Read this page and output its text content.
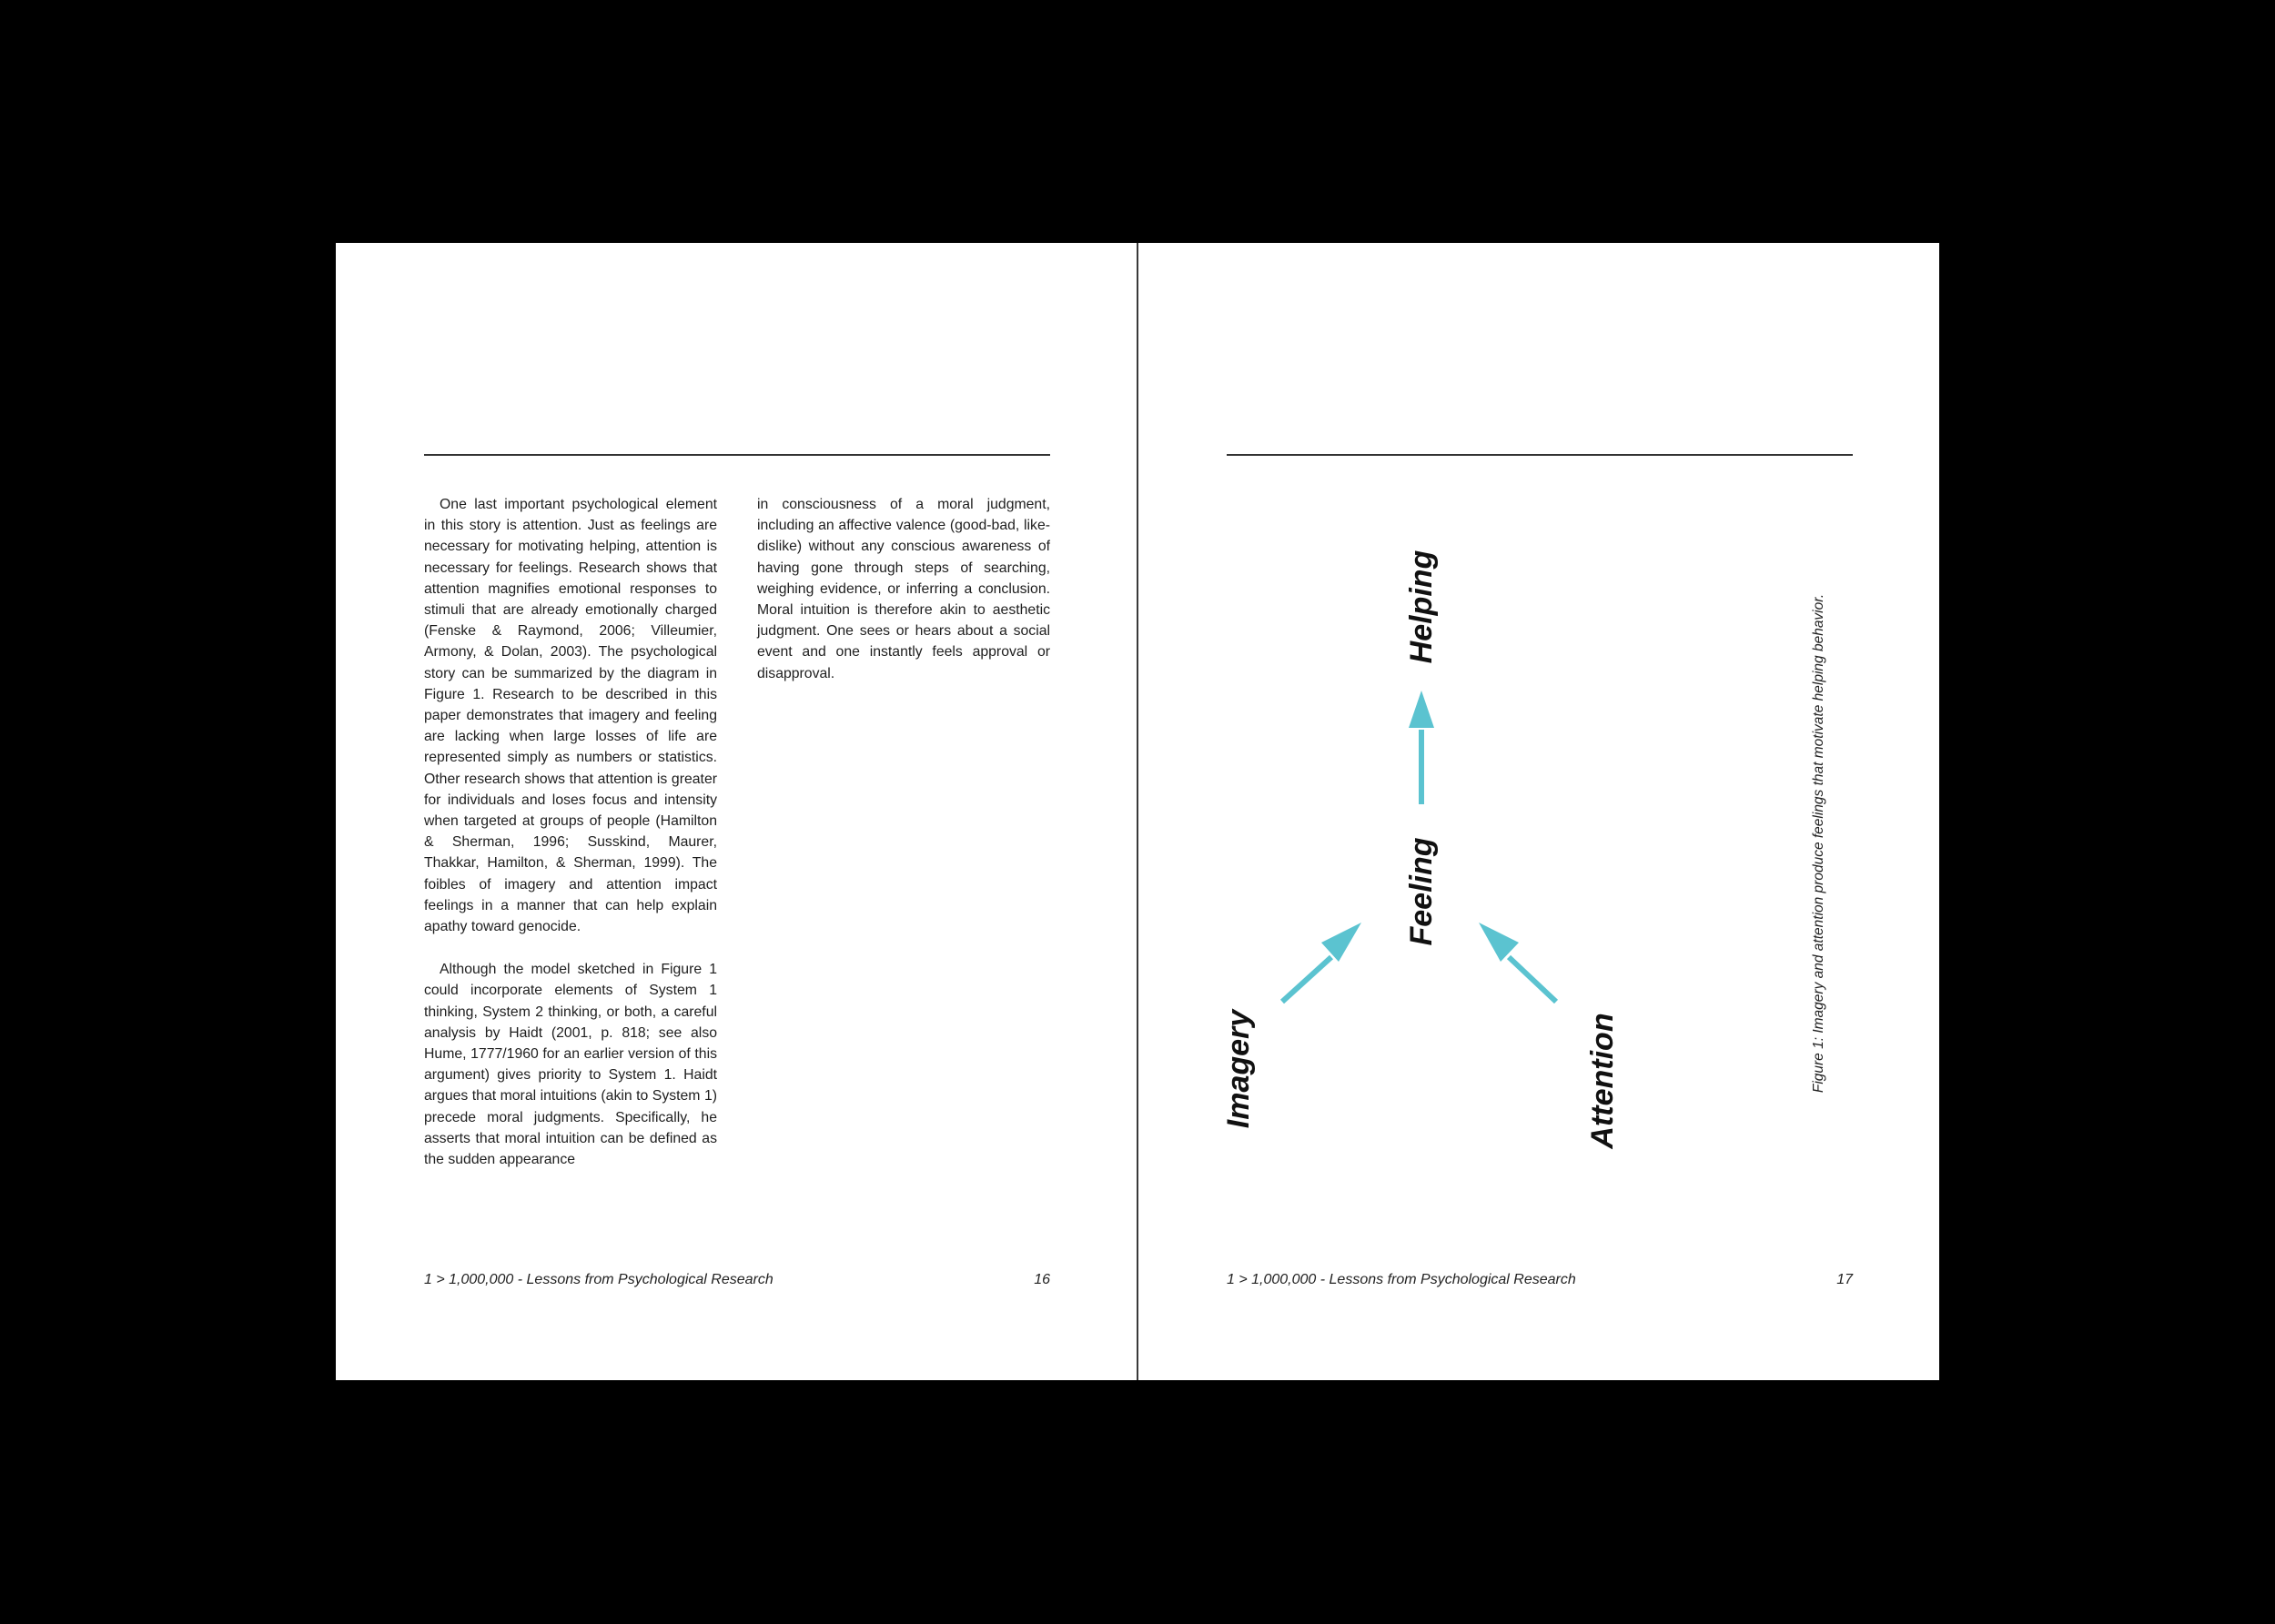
One last important psychological element in this story is attention. Just as feelings are necessary for motivating helping, attention is necessary for feelings. Research shows that attention magnifies emotional responses to stimuli that are already emotionally charged (Fenske & Raymond, 2006; Villeumier, Armony, & Dolan, 2003). The psychological story can be summarized by the diagram in Figure 1. Research to be described in this paper demonstrates that imagery and feeling are lacking when large losses of life are represented simply as numbers or statistics. Other research shows that attention is greater for individuals and loses focus and intensity when targeted at groups of people (Hamilton & Sherman, 1996; Susskind, Maurer, Thakkar, Hamilton, & Sherman, 1999). The foibles of imagery and attention impact feelings in a manner that can help explain apathy toward genocide.

Although the model sketched in Figure 1 could incorporate elements of System 1 thinking, System 2 thinking, or both, a careful analysis by Haidt (2001, p. 818; see also Hume, 1777/1960 for an earlier version of this argument) gives priority to System 1. Haidt argues that moral intuitions (akin to System 1) precede moral judgments. Specifically, he asserts that moral intuition can be defined as the sudden appearance

in consciousness of a moral judgment, including an affective valence (good-bad, like-dislike) without any conscious awareness of having gone through steps of searching, weighing evidence, or inferring a conclusion. Moral intuition is therefore akin to aesthetic judgment. One sees or hears about a social event and one instantly feels approval or disapproval.

1 > 1,000,000 - Lessons from Psychological Research	16
Helping
Feeling
Imagery	Attention	Figure 1: Imagery and attention produce feelings that motivate helping behavior.
1 > 1,000,000 - Lessons from Psychological Research	17
